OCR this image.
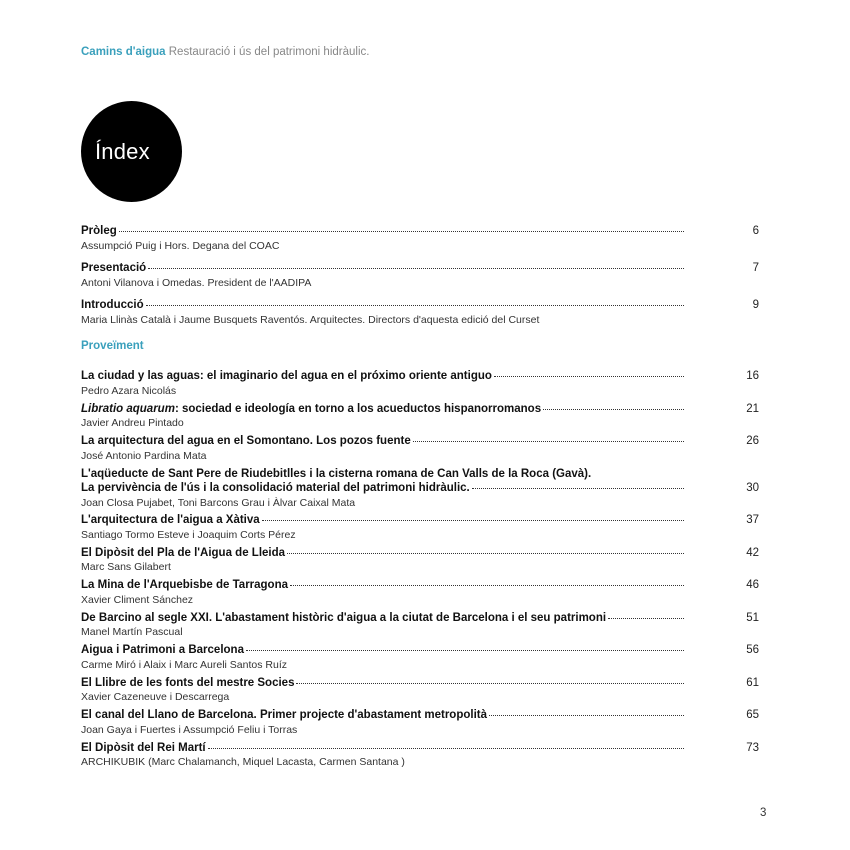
Camins d'aigua Restauració i ús del patrimoni hidràulic.
Índex
Pròleg	6
Assumpció Puig i Hors. Degana del COAC
Presentació	7
Antoni Vilanova i Omedas. President de l'AADIPA
Introducció	9
Maria Llinàs Català i Jaume Busquets Raventós. Arquitectes. Directors d'aquesta edició del Curset
Proveïment
La ciudad y las aguas: el imaginario del agua en el próximo oriente antiguo	16
Pedro Azara Nicolás
Libratio aquarum: sociedad e ideología en torno a los acueductos hispanorromanos	21
Javier Andreu Pintado
La arquitectura del agua en el Somontano. Los pozos fuente	26
José Antonio Pardina Mata
L'aqüeducte de Sant Pere de Riudebitlles i la cisterna romana de Can Valls de la Roca (Gavà).
La pervivència de l'ús i la consolidació material del patrimoni hidràulic.	30
Joan Closa Pujabet, Toni Barcons Grau i Àlvar Caixal Mata
L'arquitectura de l'aigua a Xàtiva	37
Santiago Tormo Esteve i Joaquim Corts Pérez
El Dipòsit del Pla de l'Aigua de Lleida	42
Marc Sans Gilabert
La Mina de l'Arquebisbe de Tarragona	46
Xavier Climent Sánchez
De Barcino al segle XXI. L'abastament històric d'aigua a la ciutat de Barcelona i el seu patrimoni	51
Manel Martín Pascual
Aigua i Patrimoni a Barcelona	56
Carme Miró i Alaix i Marc Aureli Santos Ruíz
El Llibre de les fonts del mestre Socies	61
Xavier Cazeneuve i Descarrega
El canal del Llano de Barcelona. Primer projecte d'abastament metropolità	65
Joan Gaya i Fuertes i Assumpció Feliu i Torras
El Dipòsit del Rei Martí	73
ARCHIKUBIK (Marc Chalamanch, Miquel Lacasta, Carmen Santana )
3
